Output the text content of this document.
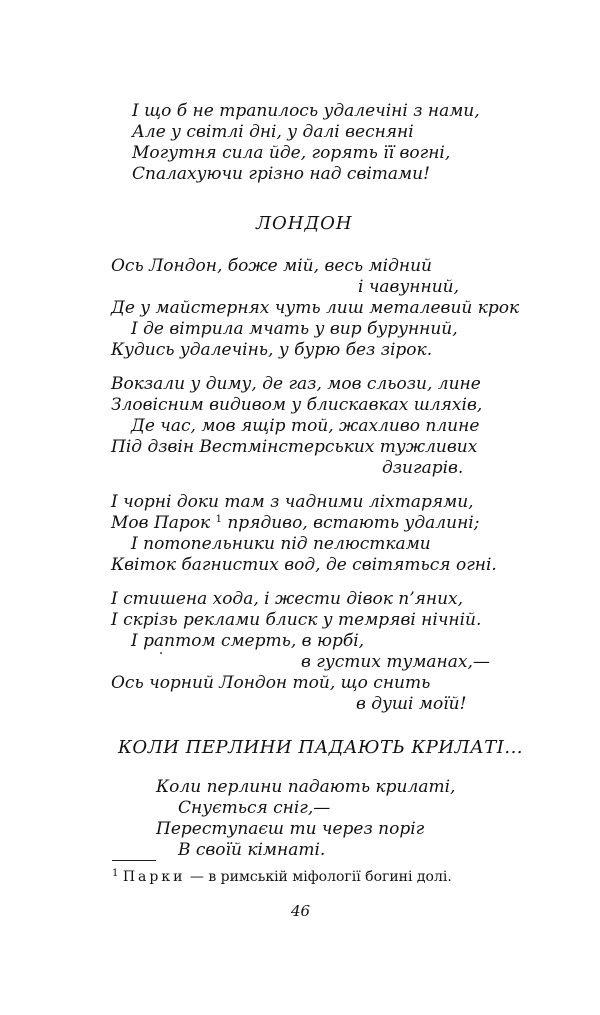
І що б не трапилось удалечіні з нами,
Але у світлі дні, у далі весняні
Могутня сила йде, горять її вогні,
Спалахуючи грізно над світами!
ЛОНДОН
Ось Лондон, боже мій, весь мідний
і чавунний,
Де у майстернях чуть лиш металевий крок
І де вітрила мчать у вир бурунний,
Кудись удалечінь, у бурю без зірок.
Вокзали у диму, де газ, мов сльози, лине
Зловісним видивом у блискавках шляхів,
Де час, мов ящір той, жахливо плине
Під дзвін Вестмінстерських тужливих
дзигарів.
І чорні доки там з чадними ліхтарями,
Мов Парок $^1$ прядиво, встають удалині;
І потопельники під пелюстками
Квіток багнистих вод, де світяться огні.
І стишена хода, і жести дівок п’яних,
І скрізь реклами блиск у темряві нічній.
І раптом смерть, в юрбі,
в густих туманах,—
Ось чорний Лондон той, що снить
в душі моїй!
КОЛИ ПЕРЛИНИ ПАДАЮТЬ КРИЛАТІ...
Коли перлини падають крилаті,
Снується сніг,—
Переступаєш ти через поріг
В своїй кімнаті.
$^1$ Парки — в римській міфології богині долі.
46
